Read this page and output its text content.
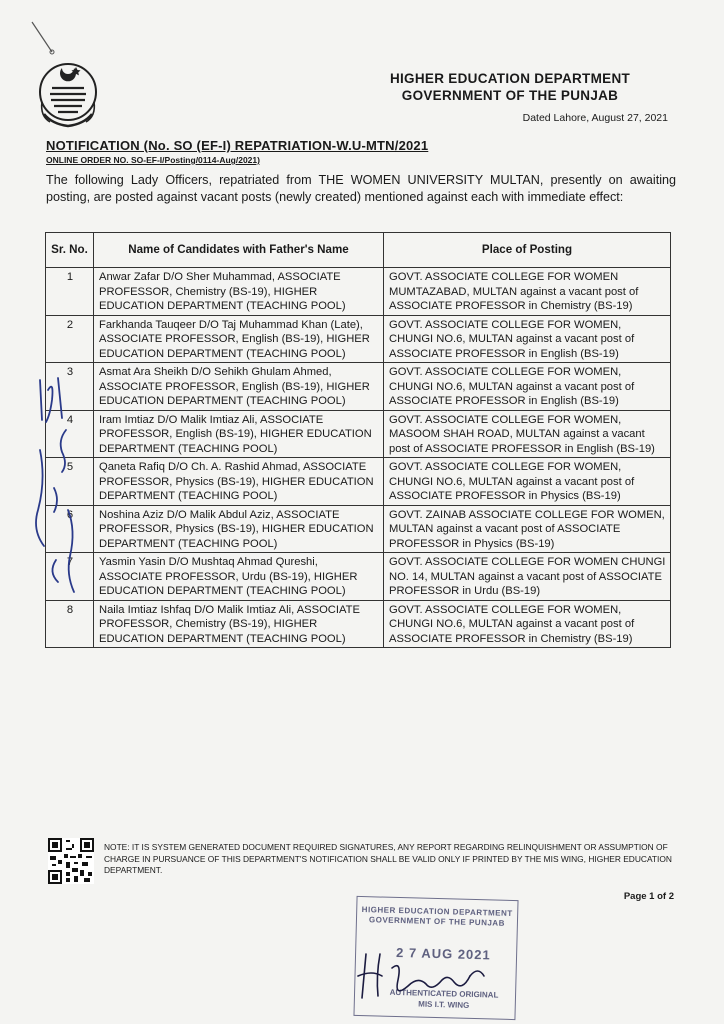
HIGHER EDUCATION DEPARTMENT
GOVERNMENT OF THE PUNJAB
Dated Lahore, August 27, 2021
NOTIFICATION (No. SO (EF-I) REPATRIATION-W.U-MTN/2021
ONLINE ORDER NO. SO-EF-I/Posting/0114-Aug/2021)
The following Lady Officers, repatriated from THE WOMEN UNIVERSITY MULTAN, presently on awaiting posting, are posted against vacant posts (newly created) mentioned against each with immediate effect:
Sr. No.	Name of Candidates with Father's Name	Place of Posting
1	Anwar Zafar D/O Sher Muhammad, ASSOCIATE PROFESSOR, Chemistry (BS-19), HIGHER EDUCATION DEPARTMENT (TEACHING POOL)	GOVT. ASSOCIATE COLLEGE FOR WOMEN MUMTAZABAD, MULTAN against a vacant post of ASSOCIATE PROFESSOR in Chemistry (BS-19)
2	Farkhanda Tauqeer D/O Taj Muhammad Khan (Late), ASSOCIATE PROFESSOR, English (BS-19), HIGHER EDUCATION DEPARTMENT (TEACHING POOL)	GOVT. ASSOCIATE COLLEGE FOR WOMEN, CHUNGI NO.6, MULTAN against a vacant post of ASSOCIATE PROFESSOR in English (BS-19)
3	Asmat Ara Sheikh D/O Sehikh Ghulam Ahmed, ASSOCIATE PROFESSOR, English (BS-19), HIGHER EDUCATION DEPARTMENT (TEACHING POOL)	GOVT. ASSOCIATE COLLEGE FOR WOMEN, CHUNGI NO.6, MULTAN against a vacant post of ASSOCIATE PROFESSOR in English (BS-19)
4	Iram Imtiaz D/O Malik Imtiaz Ali, ASSOCIATE PROFESSOR, English (BS-19), HIGHER EDUCATION DEPARTMENT (TEACHING POOL)	GOVT. ASSOCIATE COLLEGE FOR WOMEN, MASOOM SHAH ROAD, MULTAN against a vacant post of ASSOCIATE PROFESSOR in English (BS-19)
5	Qaneta Rafiq D/O Ch. A. Rashid Ahmad, ASSOCIATE PROFESSOR, Physics (BS-19), HIGHER EDUCATION DEPARTMENT (TEACHING POOL)	GOVT. ASSOCIATE COLLEGE FOR WOMEN, CHUNGI NO.6, MULTAN against a vacant post of ASSOCIATE PROFESSOR in Physics (BS-19)
6	Noshina Aziz D/O Malik Abdul Aziz, ASSOCIATE PROFESSOR, Physics (BS-19), HIGHER EDUCATION DEPARTMENT (TEACHING POOL)	GOVT. ZAINAB ASSOCIATE COLLEGE FOR WOMEN, MULTAN against a vacant post of ASSOCIATE PROFESSOR in Physics (BS-19)
7	Yasmin Yasin D/O Mushtaq Ahmad Qureshi, ASSOCIATE PROFESSOR, Urdu (BS-19), HIGHER EDUCATION DEPARTMENT (TEACHING POOL)	GOVT. ASSOCIATE COLLEGE FOR WOMEN CHUNGI NO. 14, MULTAN against a vacant post of ASSOCIATE PROFESSOR in Urdu (BS-19)
8	Naila Imtiaz Ishfaq D/O Malik Imtiaz Ali, ASSOCIATE PROFESSOR, Chemistry (BS-19), HIGHER EDUCATION DEPARTMENT (TEACHING POOL)	GOVT. ASSOCIATE COLLEGE FOR WOMEN, CHUNGI NO.6, MULTAN against a vacant post of ASSOCIATE PROFESSOR in Chemistry (BS-19)
NOTE: IT IS SYSTEM GENERATED DOCUMENT REQUIRED SIGNATURES, ANY REPORT REGARDING RELINQUISHMENT OR ASSUMPTION OF CHARGE IN PURSUANCE OF THIS DEPARTMENT'S NOTIFICATION SHALL BE VALID ONLY IF PRINTED BY THE MIS WING, HIGHER EDUCATION DEPARTMENT.
Page 1 of 2
HIGHER EDUCATION DEPARTMENT
GOVERNMENT OF THE PUNJAB
2 7 AUG 2021
AUTHENTICATED ORIGINAL
MIS I.T. WING
